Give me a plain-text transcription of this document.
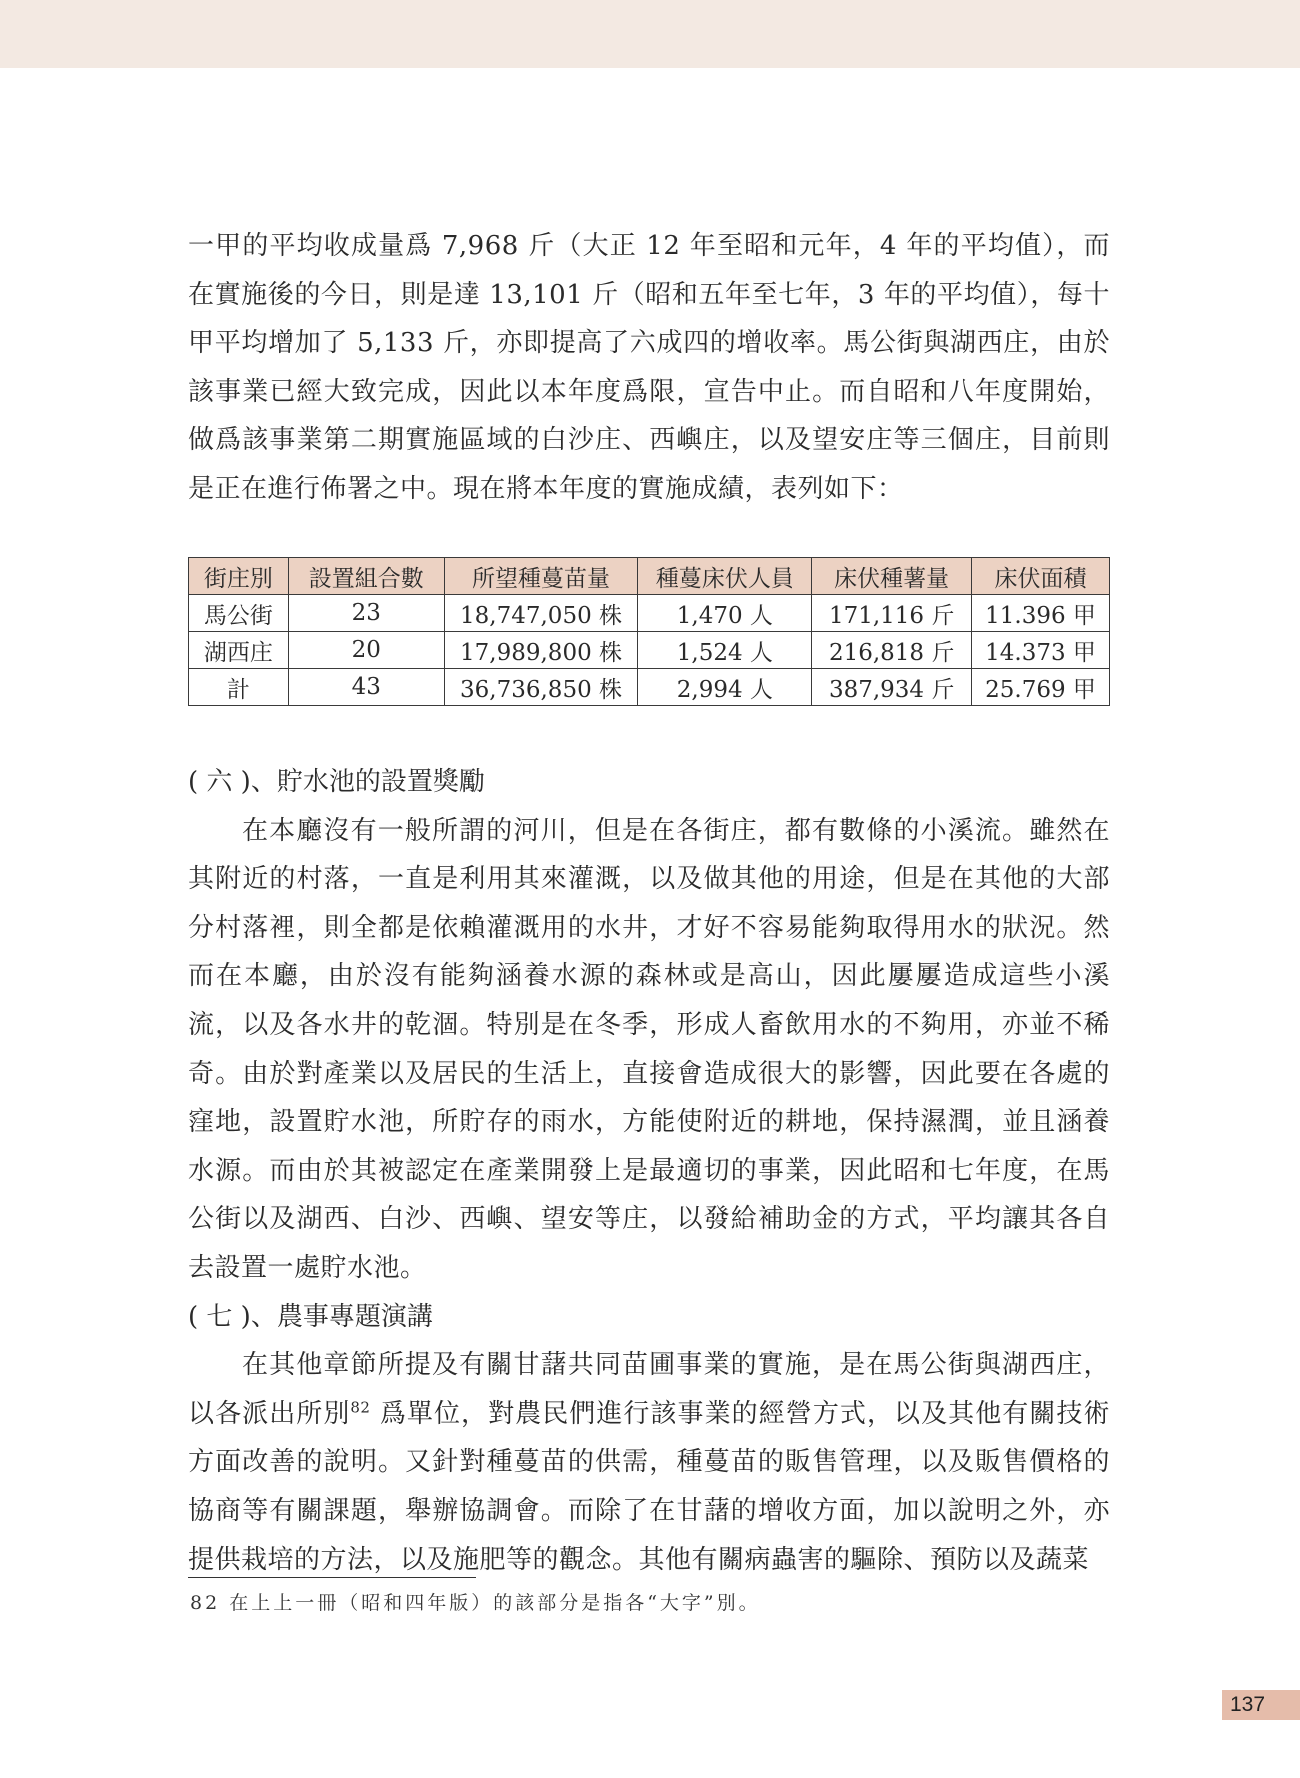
一甲的平均收成量爲 7,968 斤（大正 12 年至昭和元年，4 年的平均值），而在實施後的今日，則是達 13,101 斤（昭和五年至七年，3 年的平均值），每十甲平均增加了 5,133 斤，亦即提高了六成四的增收率。馬公街與湖西庄，由於該事業已經大致完成，因此以本年度爲限，宣告中止。而自昭和八年度開始，做爲該事業第二期實施區域的白沙庄、西嶼庄，以及望安庄等三個庄，目前則是正在進行佈署之中。現在將本年度的實施成績，表列如下：

街庄別	設置組合數	所望種蔓苗量	種蔓床伏人員	床伏種薯量	床伏面積
馬公街	23	18,747,050 株	1,470 人	171,116 斤	11.396 甲
湖西庄	20	17,989,800 株	1,524 人	216,818 斤	14.373 甲
計	43	36,736,850 株	2,994 人	387,934 斤	25.769 甲

( 六 )、貯水池的設置獎勵

在本廳沒有一般所謂的河川，但是在各街庄，都有數條的小溪流。雖然在其附近的村落，一直是利用其來灌溉，以及做其他的用途，但是在其他的大部分村落裡，則全都是依賴灌溉用的水井，才好不容易能夠取得用水的狀況。然而在本廳，由於沒有能夠涵養水源的森林或是高山，因此屢屢造成這些小溪流，以及各水井的乾涸。特別是在冬季，形成人畜飲用水的不夠用，亦並不稀奇。由於對產業以及居民的生活上，直接會造成很大的影響，因此要在各處的窪地，設置貯水池，所貯存的雨水，方能使附近的耕地，保持濕潤，並且涵養水源。而由於其被認定在產業開發上是最適切的事業，因此昭和七年度，在馬公街以及湖西、白沙、西嶼、望安等庄，以發給補助金的方式，平均讓其各自去設置一處貯水池。

( 七 )、農事專題演講

在其他章節所提及有關甘藷共同苗圃事業的實施，是在馬公街與湖西庄，以各派出所別$^{82}$ 爲單位，對農民們進行該事業的經營方式，以及其他有關技術方面改善的說明。又針對種蔓苗的供需，種蔓苗的販售管理，以及販售價格的協商等有關課題，舉辦協調會。而除了在甘藷的增收方面，加以說明之外，亦提供栽培的方法，以及施肥等的觀念。其他有關病蟲害的驅除、預防以及蔬菜

82 在上上一冊（昭和四年版）的該部分是指各“大字”別。
137
